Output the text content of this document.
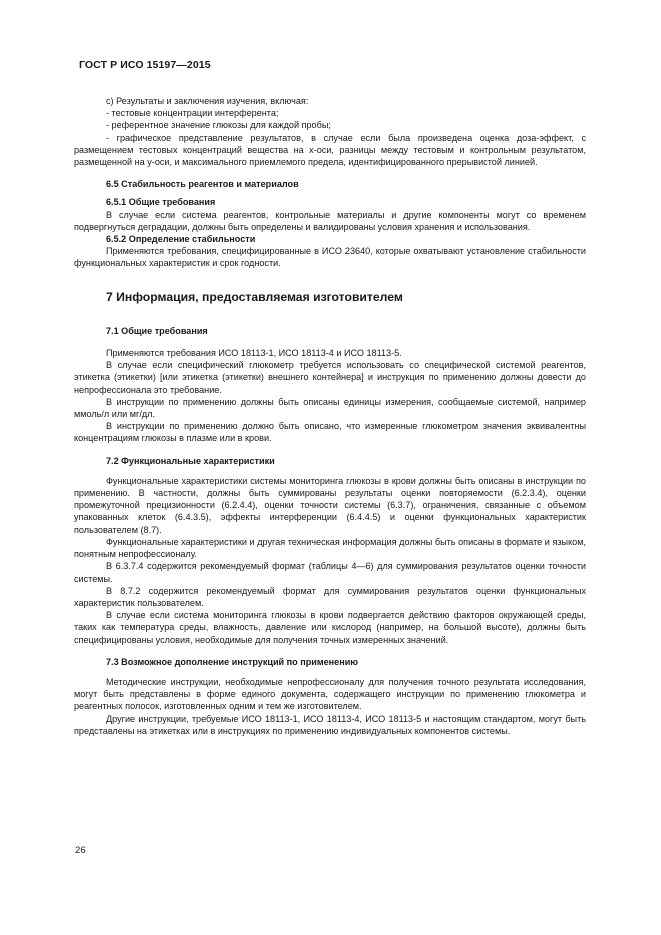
ГОСТ Р ИСО 15197—2015

c) Результаты и заключения изучения, включая:

- тестовые концентрации интерферента;

- референтное значение глюкозы для каждой пробы;

- графическое представление результатов, в случае если была произведена оценка доза-эффект, с размещением тестовых концентраций вещества на x-оси, разницы между тестовым и контрольным результатом, размещенной на y-оси, и максимального приемлемого предела, идентифицированного прерывистой линией.

6.5 Стабильность реагентов и материалов

6.5.1 Общие требования

В случае если система реагентов, контрольные материалы и другие компоненты могут со временем подвергнуться деградации, должны быть определены и валидированы условия хранения и использования.

6.5.2 Определение стабильности

Применяются требования, специфицированные в ИСО 23640, которые охватывают установление стабильности функциональных характеристик и срок годности.

7 Информация, предоставляемая изготовителем

7.1 Общие требования

Применяются требования ИСО 18113-1, ИСО 18113-4 и ИСО 18113-5.

В случае если специфический глюкометр требуется использовать со специфической системой реагентов, этикетка (этикетки) [или этикетка (этикетки) внешнего контейнера] и инструкция по применению должны довести до непрофессионала это требование.

В инструкции по применению должны быть описаны единицы измерения, сообщаемые системой, например ммоль/л или мг/дл.

В инструкции по применению должно быть описано, что измеренные глюкометром значения эквивалентны концентрациям глюкозы в плазме или в крови.

7.2 Функциональные характеристики

Функциональные характеристики системы мониторинга глюкозы в крови должны быть описаны в инструкции по применению. В частности, должны быть суммированы результаты оценки повторяемости (6.2.3.4), оценки промежуточной прецизионности (6.2.4.4), оценки точности системы (6.3.7), ограничения, связанные с объемом упакованных клеток (6.4.3.5), эффекты интерференции (6.4.4.5) и оценки функциональных характеристик пользователем (8.7).

Функциональные характеристики и другая техническая информация должны быть описаны в формате и языком, понятным непрофессионалу.

В 6.3.7.4 содержится рекомендуемый формат (таблицы 4—6) для суммирования результатов оценки точности системы.

В 8.7.2 содержится рекомендуемый формат для суммирования результатов оценки функциональных характеристик пользователем.

В случае если система мониторинга глюкозы в крови подвергается действию факторов окружающей среды, таких как температура среды, влажность, давление или кислород (например, на большой высоте), должны быть специфицированы условия, необходимые для получения точных измеренных значений.

7.3 Возможное дополнение инструкций по применению

Методические инструкции, необходимые непрофессионалу для получения точного результата исследования, могут быть представлены в форме единого документа, содержащего инструкции по применению глюкометра и реагентных полосок, изготовленных одним и тем же изготовителем.

Другие инструкции, требуемые ИСО 18113-1, ИСО 18113-4, ИСО 18113-5 и настоящим стандартом, могут быть представлены на этикетках или в инструкциях по применению индивидуальных компонентов системы.

26
